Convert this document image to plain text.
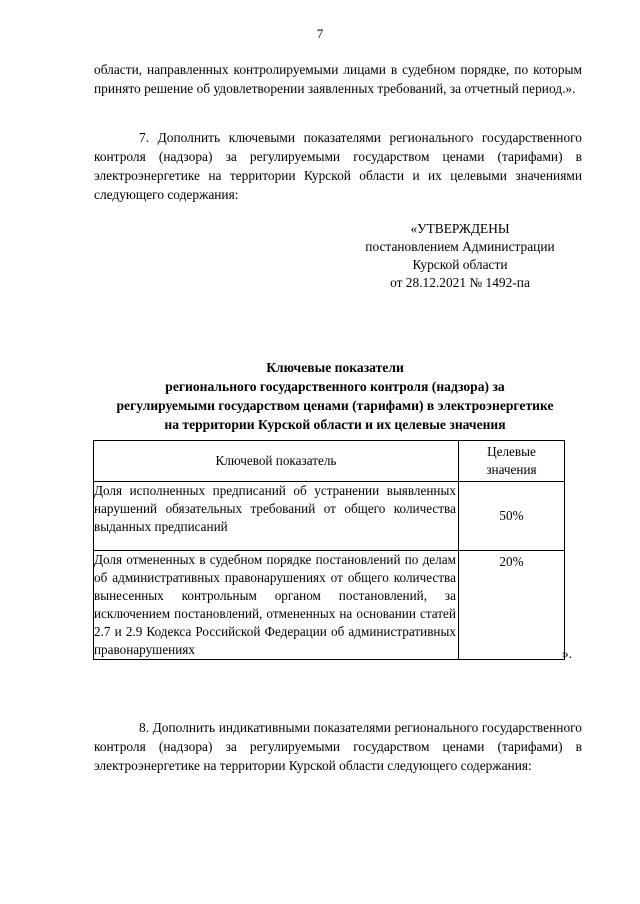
7

области, направленных контролируемыми лицами в судебном порядке, по которым принято решение об удовлетворении заявленных требований, за отчетный период.».

7. Дополнить ключевыми показателями регионального государственного контроля (надзора) за регулируемыми государством ценами (тарифами) в электроэнергетике на территории Курской области и их целевыми значениями следующего содержания:

«УТВЕРЖДЕНЫ
постановлением Администрации
Курской области
от 28.12.2021 № 1492-па
Ключевые показатели
регионального государственного контроля (надзора) за
регулируемыми государством ценами (тарифами) в электроэнергетике
на территории Курской области и их целевые значения
Ключевой показатель	Целевые значения
Доля исполненных предписаний об устранении выявленных нарушений обязательных требований от общего количества выданных предписаний	50%
Доля отмененных в судебном порядке постановлений по делам об административных правонарушениях от общего количества вынесенных контрольным органом постановлений, за исключением постановлений, отмененных на основании статей 2.7 и 2.9 Кодекса Российской Федерации об административных правонарушениях	20%
».

8. Дополнить индикативными показателями регионального государственного контроля (надзора) за регулируемыми государством ценами (тарифами) в электроэнергетике на территории Курской области следующего содержания:
